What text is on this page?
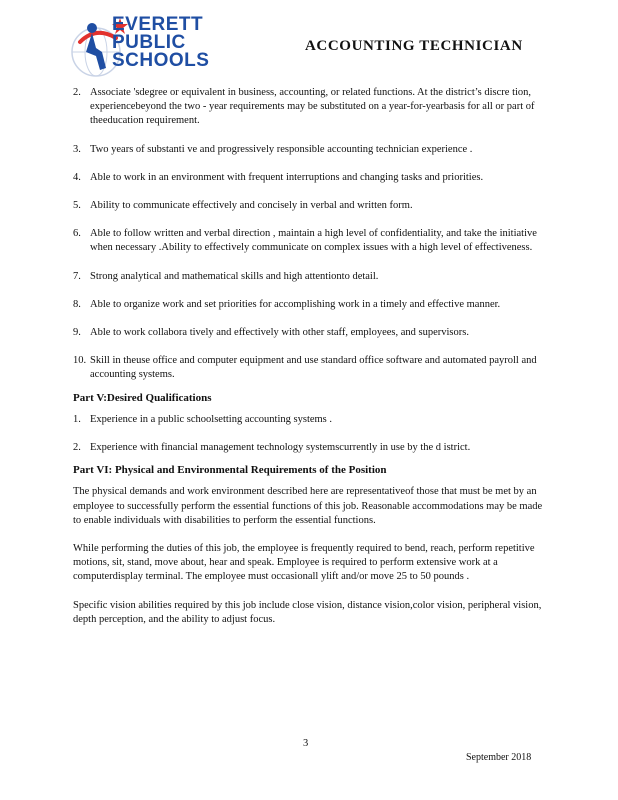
EVERETT
PUBLIC
SCHOOLS
ACCOUNTING TECHNICIAN
2. Associate 'sdegree or equivalent in business, accounting, or related functions. At the district’s discre tion, experiencebeyond the two - year requirements may be substituted on a year-for-yearbasis for all or part of theeducation requirement.
3. Two years of substanti ve and progressively responsible accounting technician experience .
4. Able to work in an environment with frequent interruptions and changing tasks and priorities.
5. Ability to communicate effectively and concisely in verbal and written form.
6. Able to follow written and verbal direction , maintain a high level of confidentiality, and take the initiative when necessary .Ability to effectively communicate on complex issues with a high level of effectiveness.
7. Strong analytical and mathematical skills and high attentionto detail.
8. Able to organize work and set priorities for accomplishing work in a timely and effective manner.
9. Able to work collabora tively and effectively with other staff, employees, and supervisors.
10. Skill in theuse office and computer equipment and use standard office software and automated payroll and accounting systems.

Part V:Desired Qualifications

1. Experience in a public schoolsetting accounting systems .
2. Experience with financial management technology systemscurrently in use by the d istrict.

Part VI: Physical and Environmental Requirements of the Position

The physical demands and work environment described here are representativeof those that must be met by an employee to successfully perform the essential functions of this job. Reasonable accommodations may be made to enable individuals with disabilities to perform the essential functions.

While performing the duties of this job, the employee is frequently required to bend, reach, perform repetitive motions, sit, stand, move about, hear and speak. Employee is required to perform extensive work at a computerdisplay terminal. The employee must occasionall ylift and/or move 25 to 50 pounds .

Specific vision abilities required by this job include close vision, distance vision,color vision, peripheral vision, depth perception, and the ability to adjust focus.

3
September 2018
